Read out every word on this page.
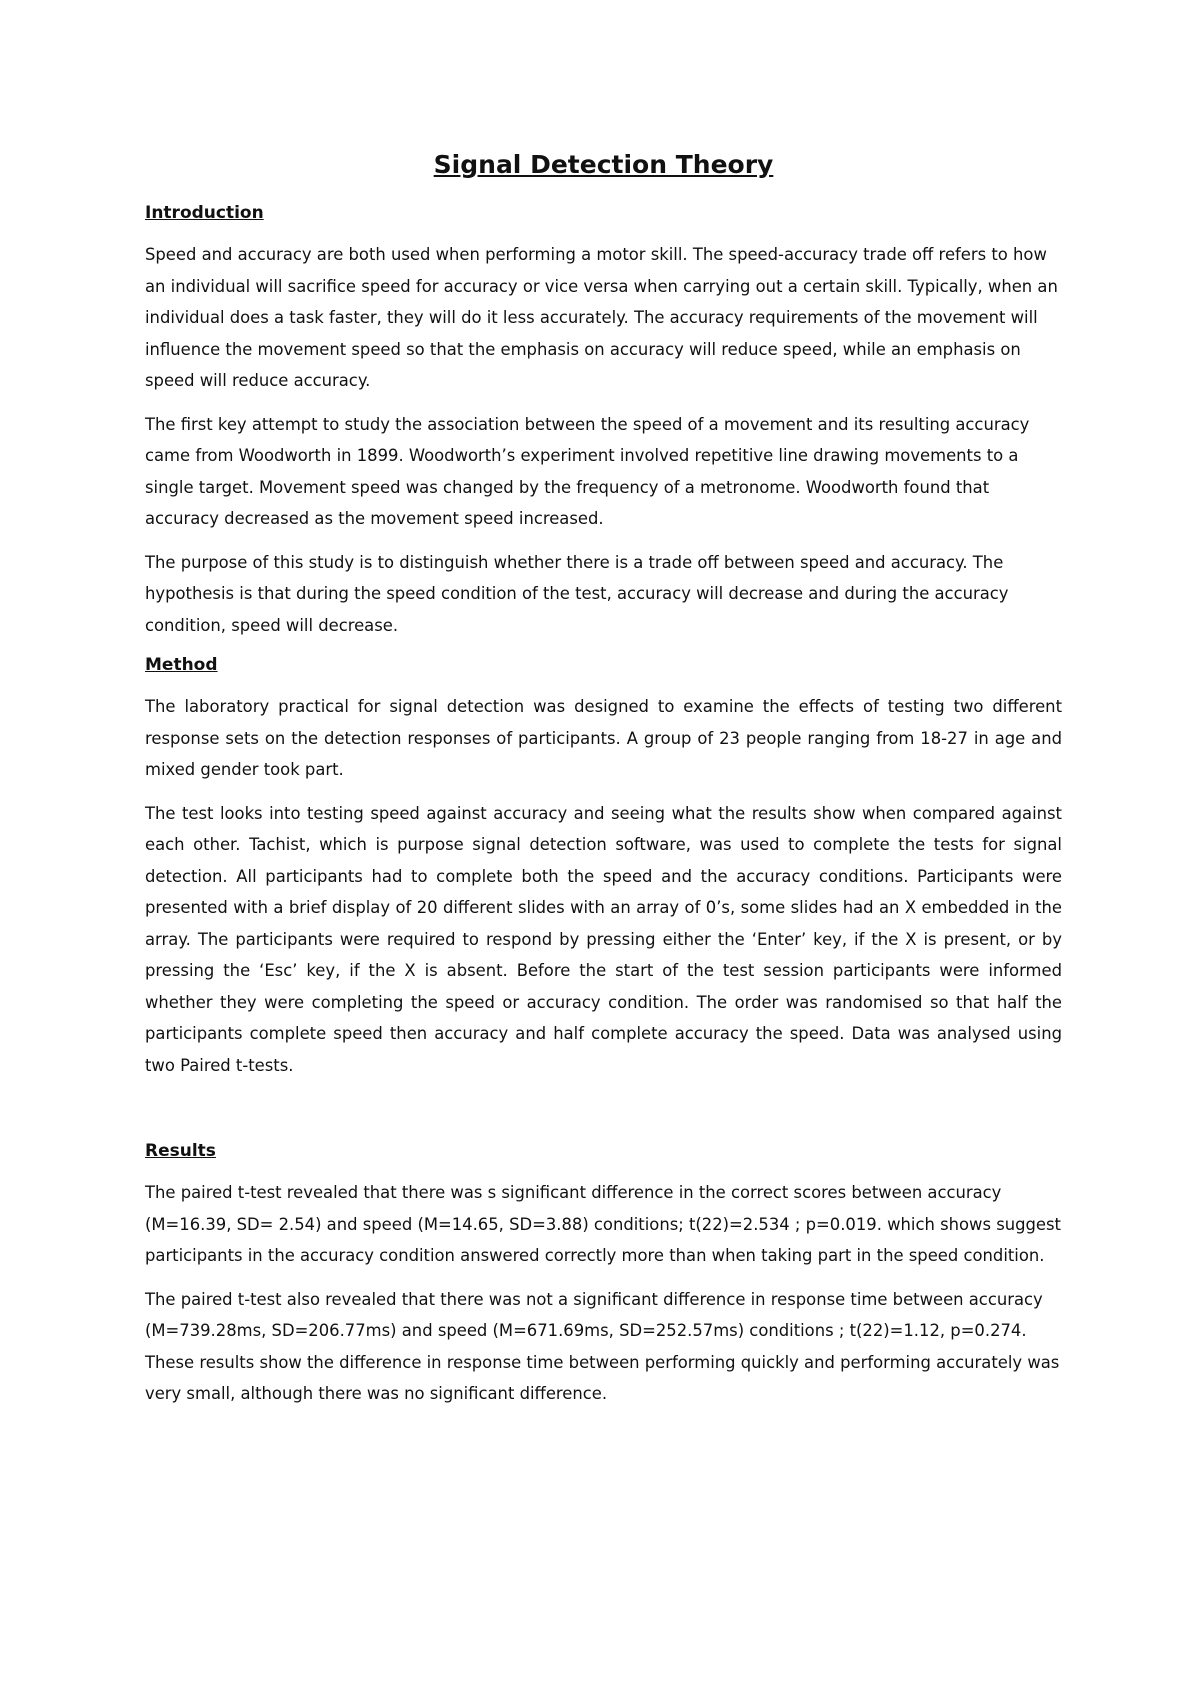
Signal Detection Theory
Introduction

Speed and accuracy are both used when performing a motor skill. The speed-accuracy trade off refers to how an individual will sacrifice speed for accuracy or vice versa when carrying out a certain skill. Typically, when an individual does a task faster, they will do it less accurately. The accuracy requirements of the movement will influence the movement speed so that the emphasis on accuracy will reduce speed, while an emphasis on speed will reduce accuracy.

The first key attempt to study the association between the speed of a movement and its resulting accuracy came from Woodworth in 1899. Woodworth’s experiment involved repetitive line drawing movements to a single target. Movement speed was changed by the frequency of a metronome. Woodworth found that accuracy decreased as the movement speed increased.

The purpose of this study is to distinguish whether there is a trade off between speed and accuracy. The hypothesis is that during the speed condition of the test, accuracy will decrease and during the accuracy condition, speed will decrease.

Method

The laboratory practical for signal detection was designed to examine the effects of testing two different response sets on the detection responses of participants. A group of 23 people ranging from 18-27 in age and mixed gender took part.

The test looks into testing speed against accuracy and seeing what the results show when compared against each other. Tachist, which is purpose signal detection software, was used to complete the tests for signal detection. All participants had to complete both the speed and the accuracy conditions. Participants were presented with a brief display of 20 different slides with an array of 0’s, some slides had an X embedded in the array. The participants were required to respond by pressing either the ‘Enter’ key, if the X is present, or by pressing the ‘Esc’ key, if the X is absent. Before the start of the test session participants were informed whether they were completing the speed or accuracy condition. The order was randomised so that half the participants complete speed then accuracy and half complete accuracy the speed. Data was analysed using two Paired t-tests.

Results

The paired t-test revealed that there was s significant difference in the correct scores between accuracy (M=16.39, SD= 2.54) and speed (M=14.65, SD=3.88) conditions; t(22)=2.534 ; p=0.019. which shows suggest participants in the accuracy condition answered correctly more than when taking part in the speed condition.

The paired t-test also revealed that there was not a significant difference in response time between accuracy (M=739.28ms, SD=206.77ms) and speed (M=671.69ms, SD=252.57ms) conditions ; t(22)=1.12, p=0.274. These results show the difference in response time between performing quickly and performing accurately was very small, although there was no significant difference.
